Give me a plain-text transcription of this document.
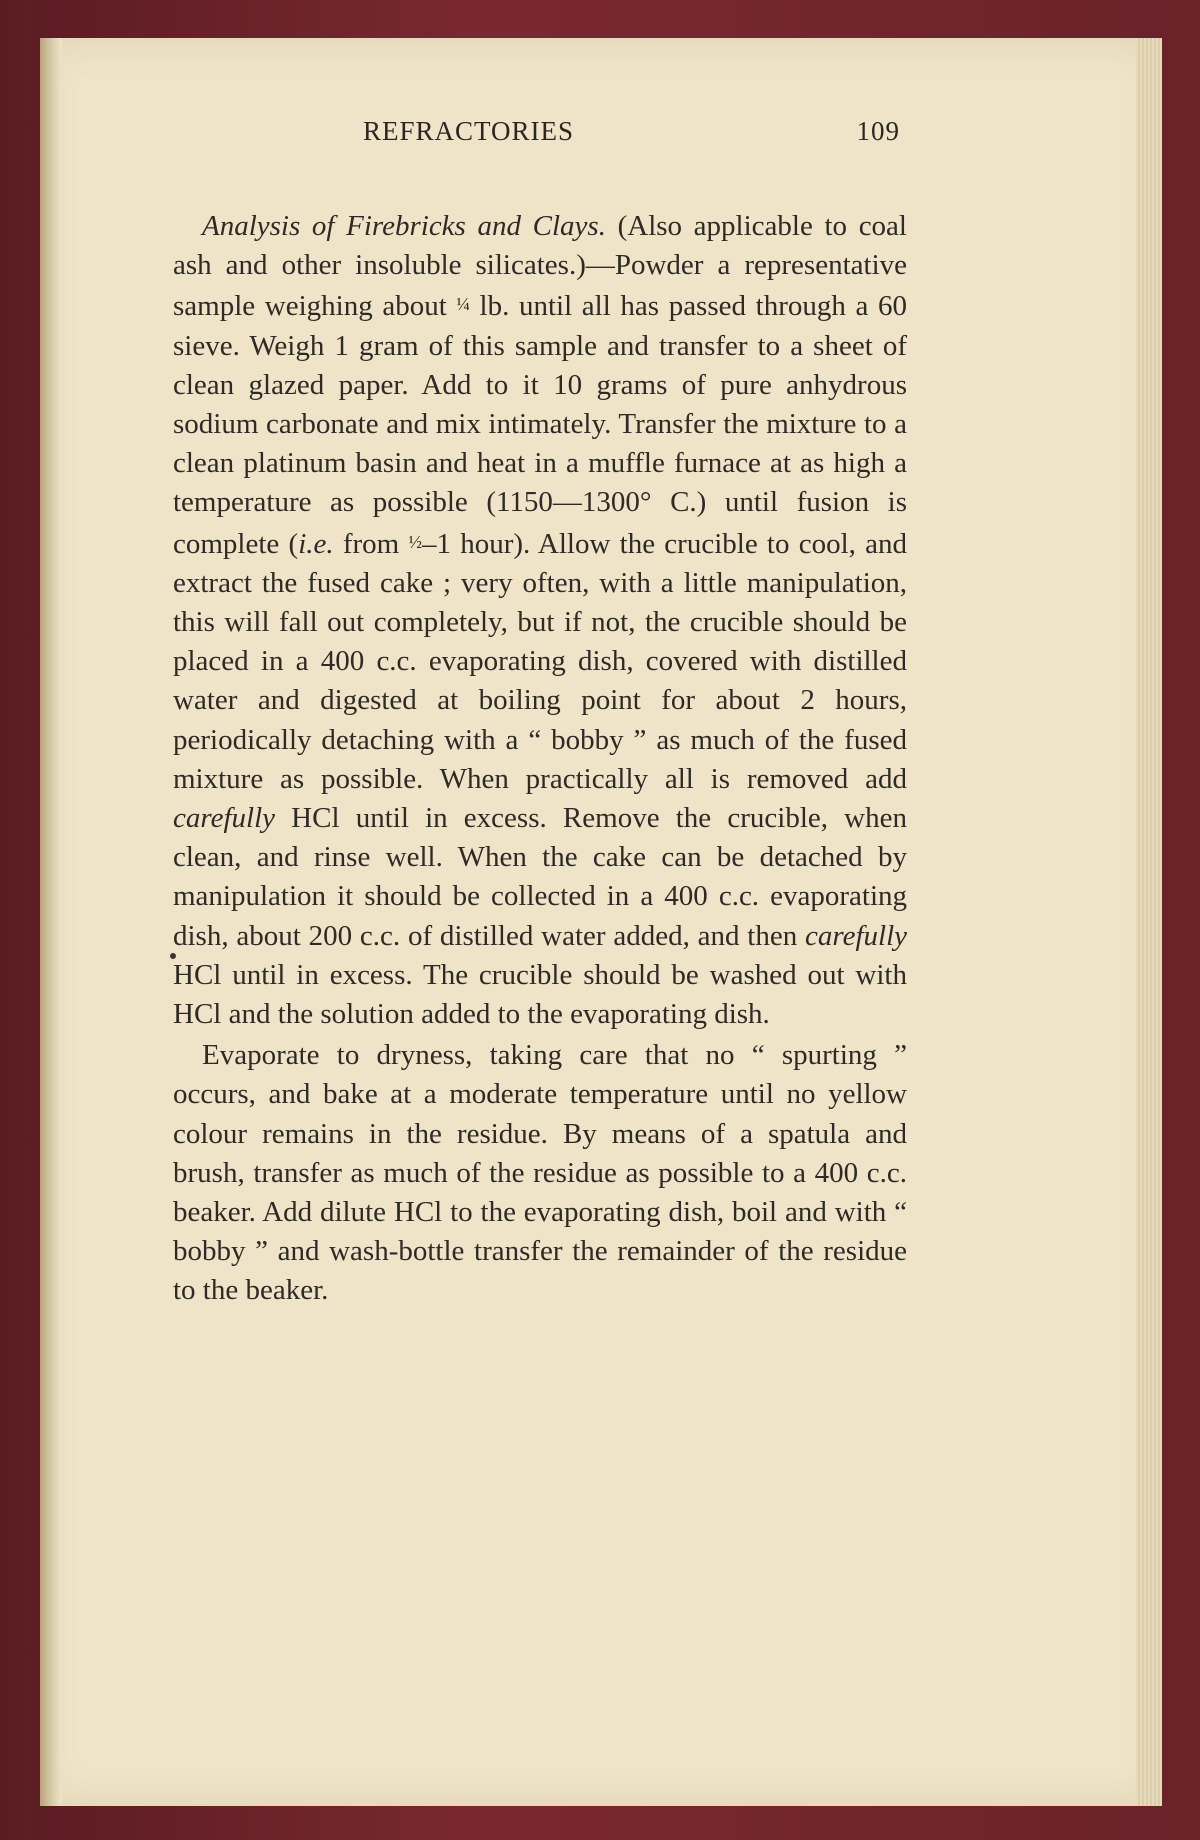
REFRACTORIES	109

Analysis of Firebricks and Clays. (Also applicable to coal ash and other insoluble silicates.)—Powder a representative sample weighing about ¼ lb. until all has passed through a 60 sieve. Weigh 1 gram of this sample and transfer to a sheet of clean glazed paper. Add to it 10 grams of pure anhydrous sodium carbonate and mix intimately. Transfer the mixture to a clean platinum basin and heat in a muffle furnace at as high a temperature as possible (1150—1300° C.) until fusion is complete (i.e. from ½–1 hour). Allow the crucible to cool, and extract the fused cake ; very often, with a little manipulation, this will fall out completely, but if not, the crucible should be placed in a 400 c.c. evaporating dish, covered with distilled water and digested at boiling point for about 2 hours, periodically detaching with a “ bobby ” as much of the fused mixture as possible. When practically all is removed add carefully HCl until in excess. Remove the crucible, when clean, and rinse well. When the cake can be detached by manipulation it should be collected in a 400 c.c. evaporating dish, about 200 c.c. of distilled water added, and then carefully HCl until in excess. The crucible should be washed out with HCl and the solution added to the evaporating dish.

Evaporate to dryness, taking care that no “ spurting ” occurs, and bake at a moderate temperature until no yellow colour remains in the residue. By means of a spatula and brush, transfer as much of the residue as possible to a 400 c.c. beaker. Add dilute HCl to the evaporating dish, boil and with “ bobby ” and wash-bottle transfer the remainder of the residue to the beaker.
